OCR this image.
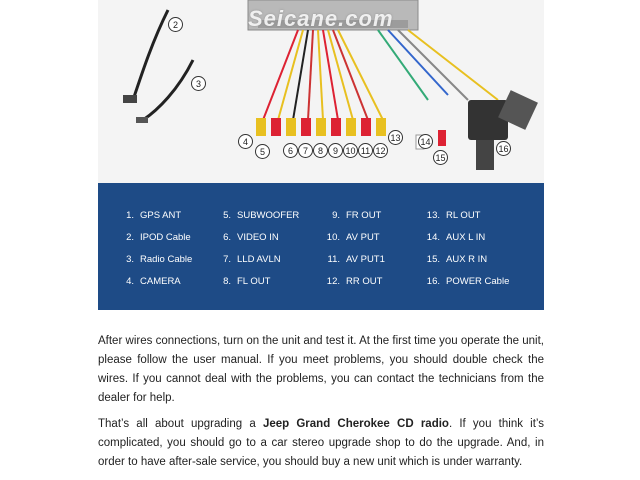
Seicane.com
2
3
4
5	6	7	8	9 10 11 12
13 14
15
16
1. GPS ANT
2. IPOD Cable
3. Radio Cable
4. CAMERA
5. SUBWOOFER
6. VIDEO IN
7. LLD AVLN
8. FL OUT
9. FR OUT
10. AV PUT
11. AV PUT1
12. RR OUT
13. RL OUT
14. AUX L IN
15. AUX R IN
16. POWER Cable

After wires connections, turn on the unit and test it. At the first time you operate the unit, please follow the user manual. If you meet problems, you should double check the wires. If you cannot deal with the problems, you can contact the technicians from the dealer for help.

That’s all about upgrading a Jeep Grand Cherokee CD radio. If you think it’s complicated, you should go to a car stereo upgrade shop to do the upgrade. And, in order to have after-sale service, you should buy a new unit which is under warranty.
